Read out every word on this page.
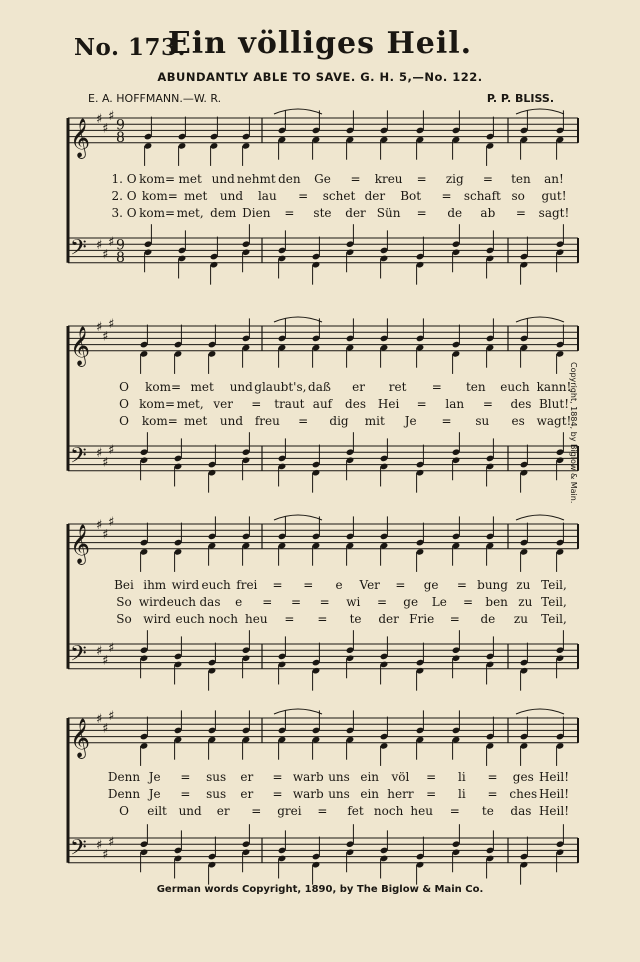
No. 173.
Ein völliges Heil.
ABUNDANTLY ABLE TO SAVE. G. H. 5,—No. 122.
E. A. HOFFMANN.—W. R.	P. P. BLISS.
𝄞 ♯
♯
♯
9
8
𝄢 ♯
♯
♯ 9
8
𝄞 ♯
♯
♯
𝄢 ♯
♯
♯
𝄞 ♯
♯
♯
𝄢 ♯
♯
♯
𝄞 ♯
♯
♯
𝄢 ♯
♯
♯
1. O kom= met und nehmt den Ge = kreu = zig = ten an!
2. O kom= met und lau = schet der Bot = schaft so gut!
3. O kom= met, dem Dien = ste der Sün = de ab = sagt!
O kom= met und glaubt's, daß er ret = ten euch kann!
O kom= met, ver = traut auf des Hei = lan = des Blut!
O kom= met und freu = dig mit Je = su es wagt!
Bei ihm wird euch frei = = e Ver = ge = bung zu Teil,
So wird euch das e = = = wi = ge Le = ben zu Teil,
So wird euch noch heu = = te der Frie = de zu Teil,
Denn Je = sus er = warb uns ein völ = li = ges Heil!
Denn Je = sus er = warb uns ein herr = li = ches Heil!
O eilt und er = grei = fet noch heu = te das Heil!
Copyright, 1884, by Biglow & Main.
German words Copyright, 1890, by The Biglow & Main Co.
